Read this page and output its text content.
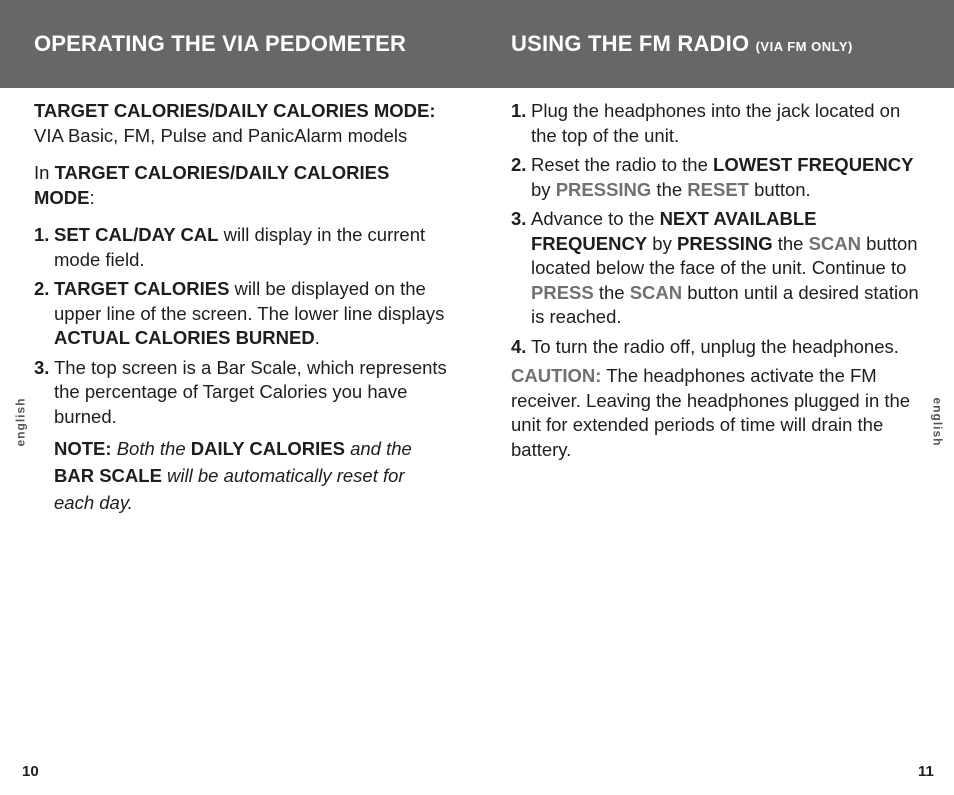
OPERATING THE VIA PEDOMETER	USING THE FM RADIO (VIA FM ONLY)

TARGET CALORIES/DAILY CALORIES MODE:

VIA Basic, FM, Pulse and PanicAlarm models

In TARGET CALORIES/DAILY CALORIES MODE:

1. SET CAL/DAY CAL will display in the current mode field.
2. TARGET CALORIES will be displayed on the upper line of the screen. The lower line displays ACTUAL CALORIES BURNED.
3. The top screen is a Bar Scale, which represents the percentage of Target Calories you have burned.
NOTE: Both the DAILY CALORIES and the BAR SCALE will be automatically reset for each day.
1. Plug the headphones into the jack located on the top of the unit.
2. Reset the radio to the LOWEST FREQUENCY by PRESSING the RESET button.
3. Advance to the NEXT AVAILABLE FREQUENCY by PRESSING the SCAN button located below the face of the unit. Continue to PRESS the SCAN button until a desired station is reached.
4. To turn the radio off, unplug the headphones.

CAUTION: The headphones activate the FM receiver. Leaving the headphones plugged in the unit for extended periods of time will drain the battery.

english	english
10	11
